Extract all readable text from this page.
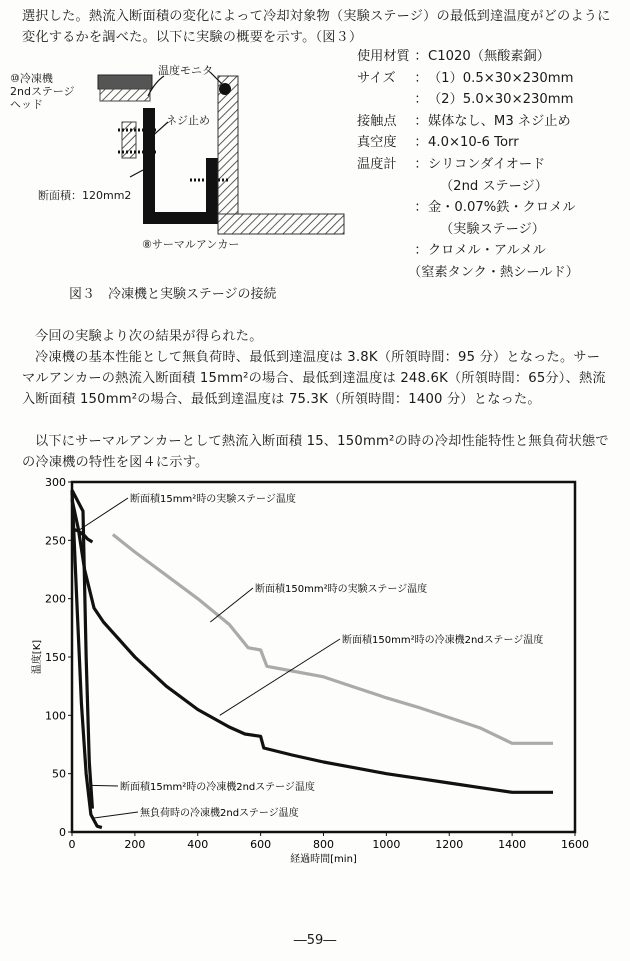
選択した。熱流入断面積の変化によって冷却対象物（実験ステージ）の最低到達温度がどのように変化するかを調べた。以下に実験の概要を示す。（図３）

⑩冷凍機
2ndステージ
ヘッド
温度モニタ
ネジ止め
断面積：120mm2
⑧サーマルアンカー
図３　冷凍機と実験ステージの接続
使用材質 ： C1020（無酸素銅）
サイズ	： （1）0.5×30×230mm
： （2）5.0×30×230mm
接触点	： 媒体なし、M3 ネジ止め
真空度	： 4.0×10-6 Torr
温度計	： シリコンダイオード
（2nd ステージ）
： 金・0.07%鉄・クロメル
（実験ステージ）
： クロメル・アルメル
（窒素タンク・熱シールド）

今回の実験より次の結果が得られた。

冷凍機の基本性能として無負荷時、最低到達温度は 3.8K（所領時間：95 分）となった。サーマルアンカーの熱流入断面積 15mm²の場合、最低到達温度は 248.6K（所領時間：65分）、熱流入断面積 150mm²の場合、最低到達温度は 75.3K（所領時間：1400 分）となった。

以下にサーマルアンカーとして熱流入断面積 15、150mm²の時の冷却性能特性と無負荷状態での冷凍機の特性を図４に示す。

0	200	400	600	800	1000	1200	1400	1600
0
50
100
150
200
250
300
経過時間[min]
温度[K]
断面積15mm²時の実験ステージ温度
断面積150mm²時の実験ステージ温度
断面積150mm²時の冷凍機2ndステージ温度
断面積15mm²時の冷凍機2ndステージ温度
無負荷時の冷凍機2ndステージ温度
―59―
